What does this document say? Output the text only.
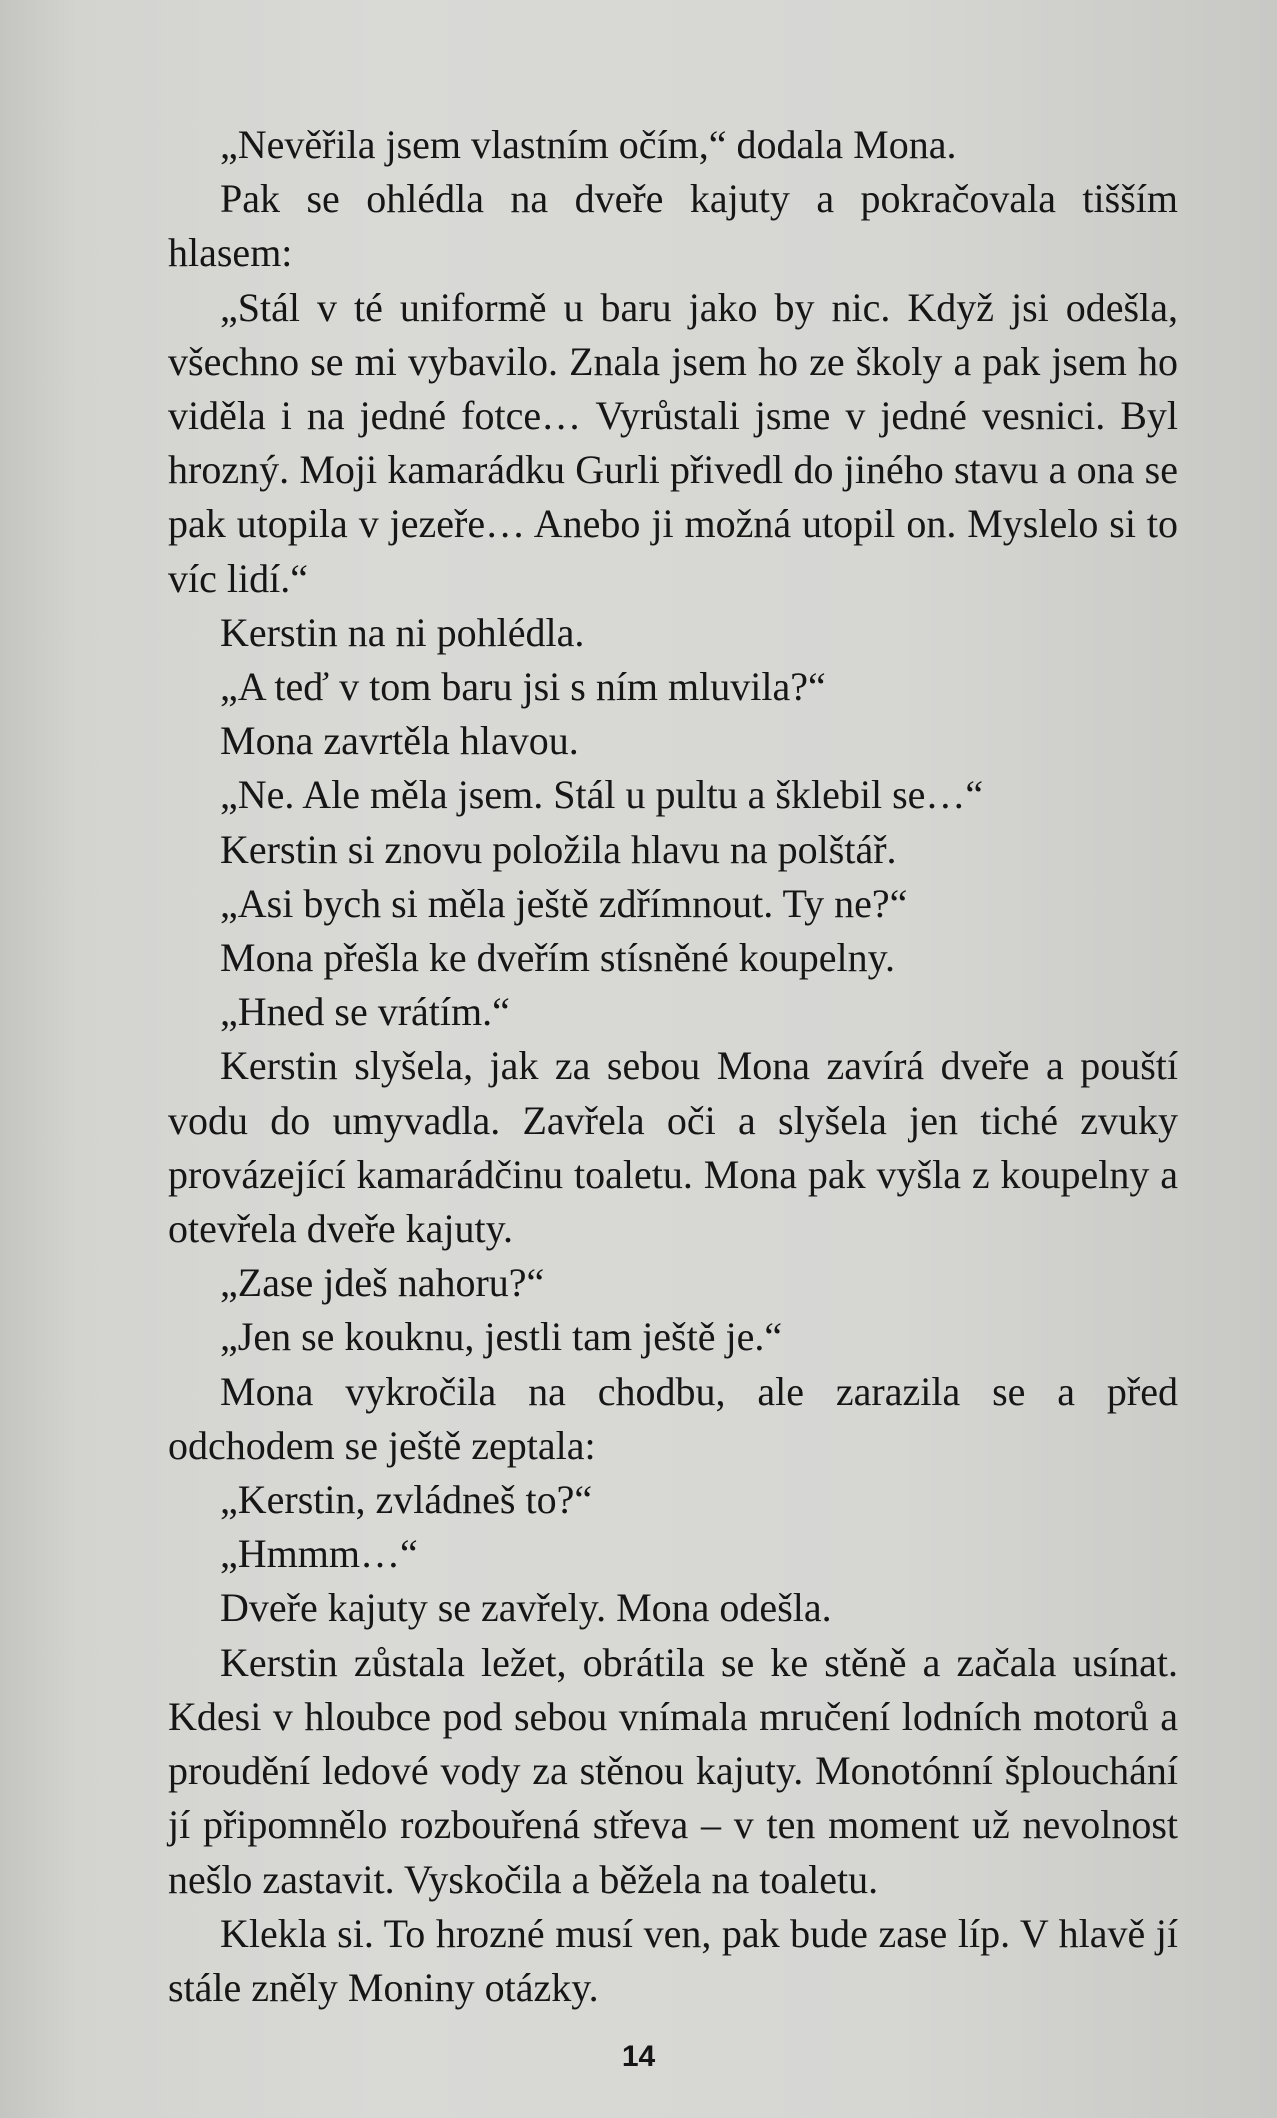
„Nevěřila jsem vlastním očím,“ dodala Mona.

Pak se ohlédla na dveře kajuty a pokračovala tišším hlasem:

„Stál v té uniformě u baru jako by nic. Když jsi odešla, všechno se mi vybavilo. Znala jsem ho ze školy a pak jsem ho viděla i na jedné fotce… Vyrůstali jsme v jedné vesnici. Byl hrozný. Moji kamarádku Gurli přivedl do jiného stavu a ona se pak utopila v jezeře… Anebo ji možná utopil on. Myslelo si to víc lidí.“

Kerstin na ni pohlédla.

„A teď v tom baru jsi s ním mluvila?“

Mona zavrtěla hlavou.

„Ne. Ale měla jsem. Stál u pultu a šklebil se…“

Kerstin si znovu položila hlavu na polštář.

„Asi bych si měla ještě zdřímnout. Ty ne?“

Mona přešla ke dveřím stísněné koupelny.

„Hned se vrátím.“

Kerstin slyšela, jak za sebou Mona zavírá dveře a pouští vodu do umyvadla. Zavřela oči a slyšela jen tiché zvuky provázející kamarádčinu toaletu. Mona pak vyšla z koupelny a otevřela dveře kajuty.

„Zase jdeš nahoru?“

„Jen se kouknu, jestli tam ještě je.“

Mona vykročila na chodbu, ale zarazila se a před odchodem se ještě zeptala:

„Kerstin, zvládneš to?“

„Hmmm…“

Dveře kajuty se zavřely. Mona odešla.

Kerstin zůstala ležet, obrátila se ke stěně a začala usínat. Kdesi v hloubce pod sebou vnímala mručení lodních motorů a proudění ledové vody za stěnou kajuty. Monotónní šplouchání jí připomnělo rozbouřená střeva – v ten moment už nevolnost nešlo zastavit. Vyskočila a běžela na toaletu.

Klekla si. To hrozné musí ven, pak bude zase líp. V hlavě jí stále zněly Moniny otázky.

14
